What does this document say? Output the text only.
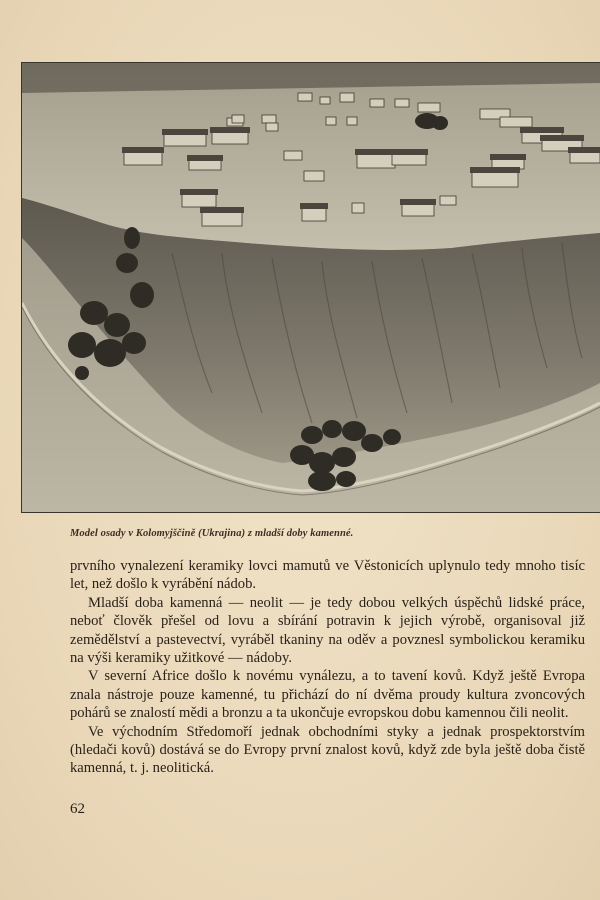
Model osady v Kolomyjščině (Ukrajina) z mladší doby kamenné.

prvního vynalezení keramiky lovci mamutů ve Věstonicích uplynulo tedy mnoho tisíc let, než došlo k vyrábění nádob.

Mladší doba kamenná — neolit — je tedy dobou velkých úspěchů lidské práce, neboť člověk přešel od lovu a sbírání potravin k jejich výrobě, organisoval již zemědělství a pastevectví, vyráběl tkaniny na oděv a povznesl symbolickou keramiku na výši keramiky užitkové — nádoby.

V severní Africe došlo k novému vynálezu, a to tavení kovů. Když ještě Evropa znala nástroje pouze kamenné, tu přichází do ní dvěma proudy kultura zvoncových pohárů se znalostí mědi a bronzu a ta ukončuje evropskou dobu kamennou čili neolit.

Ve východním Středomoří jednak obchodními styky a jednak prospektorstvím (hledači kovů) dostává se do Evropy první znalost kovů, když zde byla ještě doba čistě kamenná, t. j. neolitická.

62
